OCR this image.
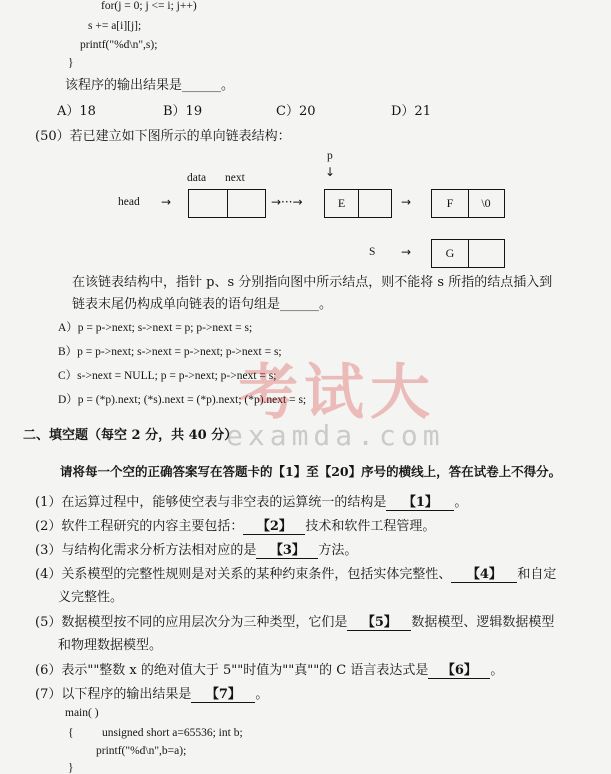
for(j = 0; j <= i; j++)
s += a[i][j];
printf("%d\n",s);
}
该程序的输出结果是______。
A）18	B）19	C）20	D）21
(50）若已建立如下图所示的单向链表结构：
p
↓
data next
head →	→···→	E	→	F	\0
S →	G
在该链表结构中，指针 p、s 分别指向图中所示结点，则不能将 s 所指的结点插入到
链表末尾仍构成单向链表的语句组是______。
A）p = p->next; s->next = p; p->next = s;
B）p = p->next; s->next = p->next; p->next = s;
C）s->next = NULL; p = p->next; p->next = s;
D）p = (*p).next; (*s).next = (*p).next; (*p).next = s;
考试大
examda.com
二、填空题（每空 2 分，共 40 分）
请将每一个空的正确答案写在答题卡的【1】至【20】序号的横线上，答在试卷上不得分。
(1）在运算过程中，能够使空表与非空表的运算统一的结构是 【1】 。
(2）软件工程研究的内容主要包括： 【2】 技术和软件工程管理。
(3）与结构化需求分析方法相对应的是 【3】 方法。
(4）关系模型的完整性规则是对关系的某种约束条件，包括实体完整性、 【4】 和自定
义完整性。
(5）数据模型按不同的应用层次分为三种类型，它们是 【5】 数据模型、逻辑数据模型
和物理数据模型。
(6）表示""整数 x 的绝对值大于 5""时值为""真""的 C 语言表达式是 【6】 。
(7）以下程序的输出结果是 【7】 。
main( )
{ unsigned short a=65536; int b;
printf("%d\n",b=a);
}
